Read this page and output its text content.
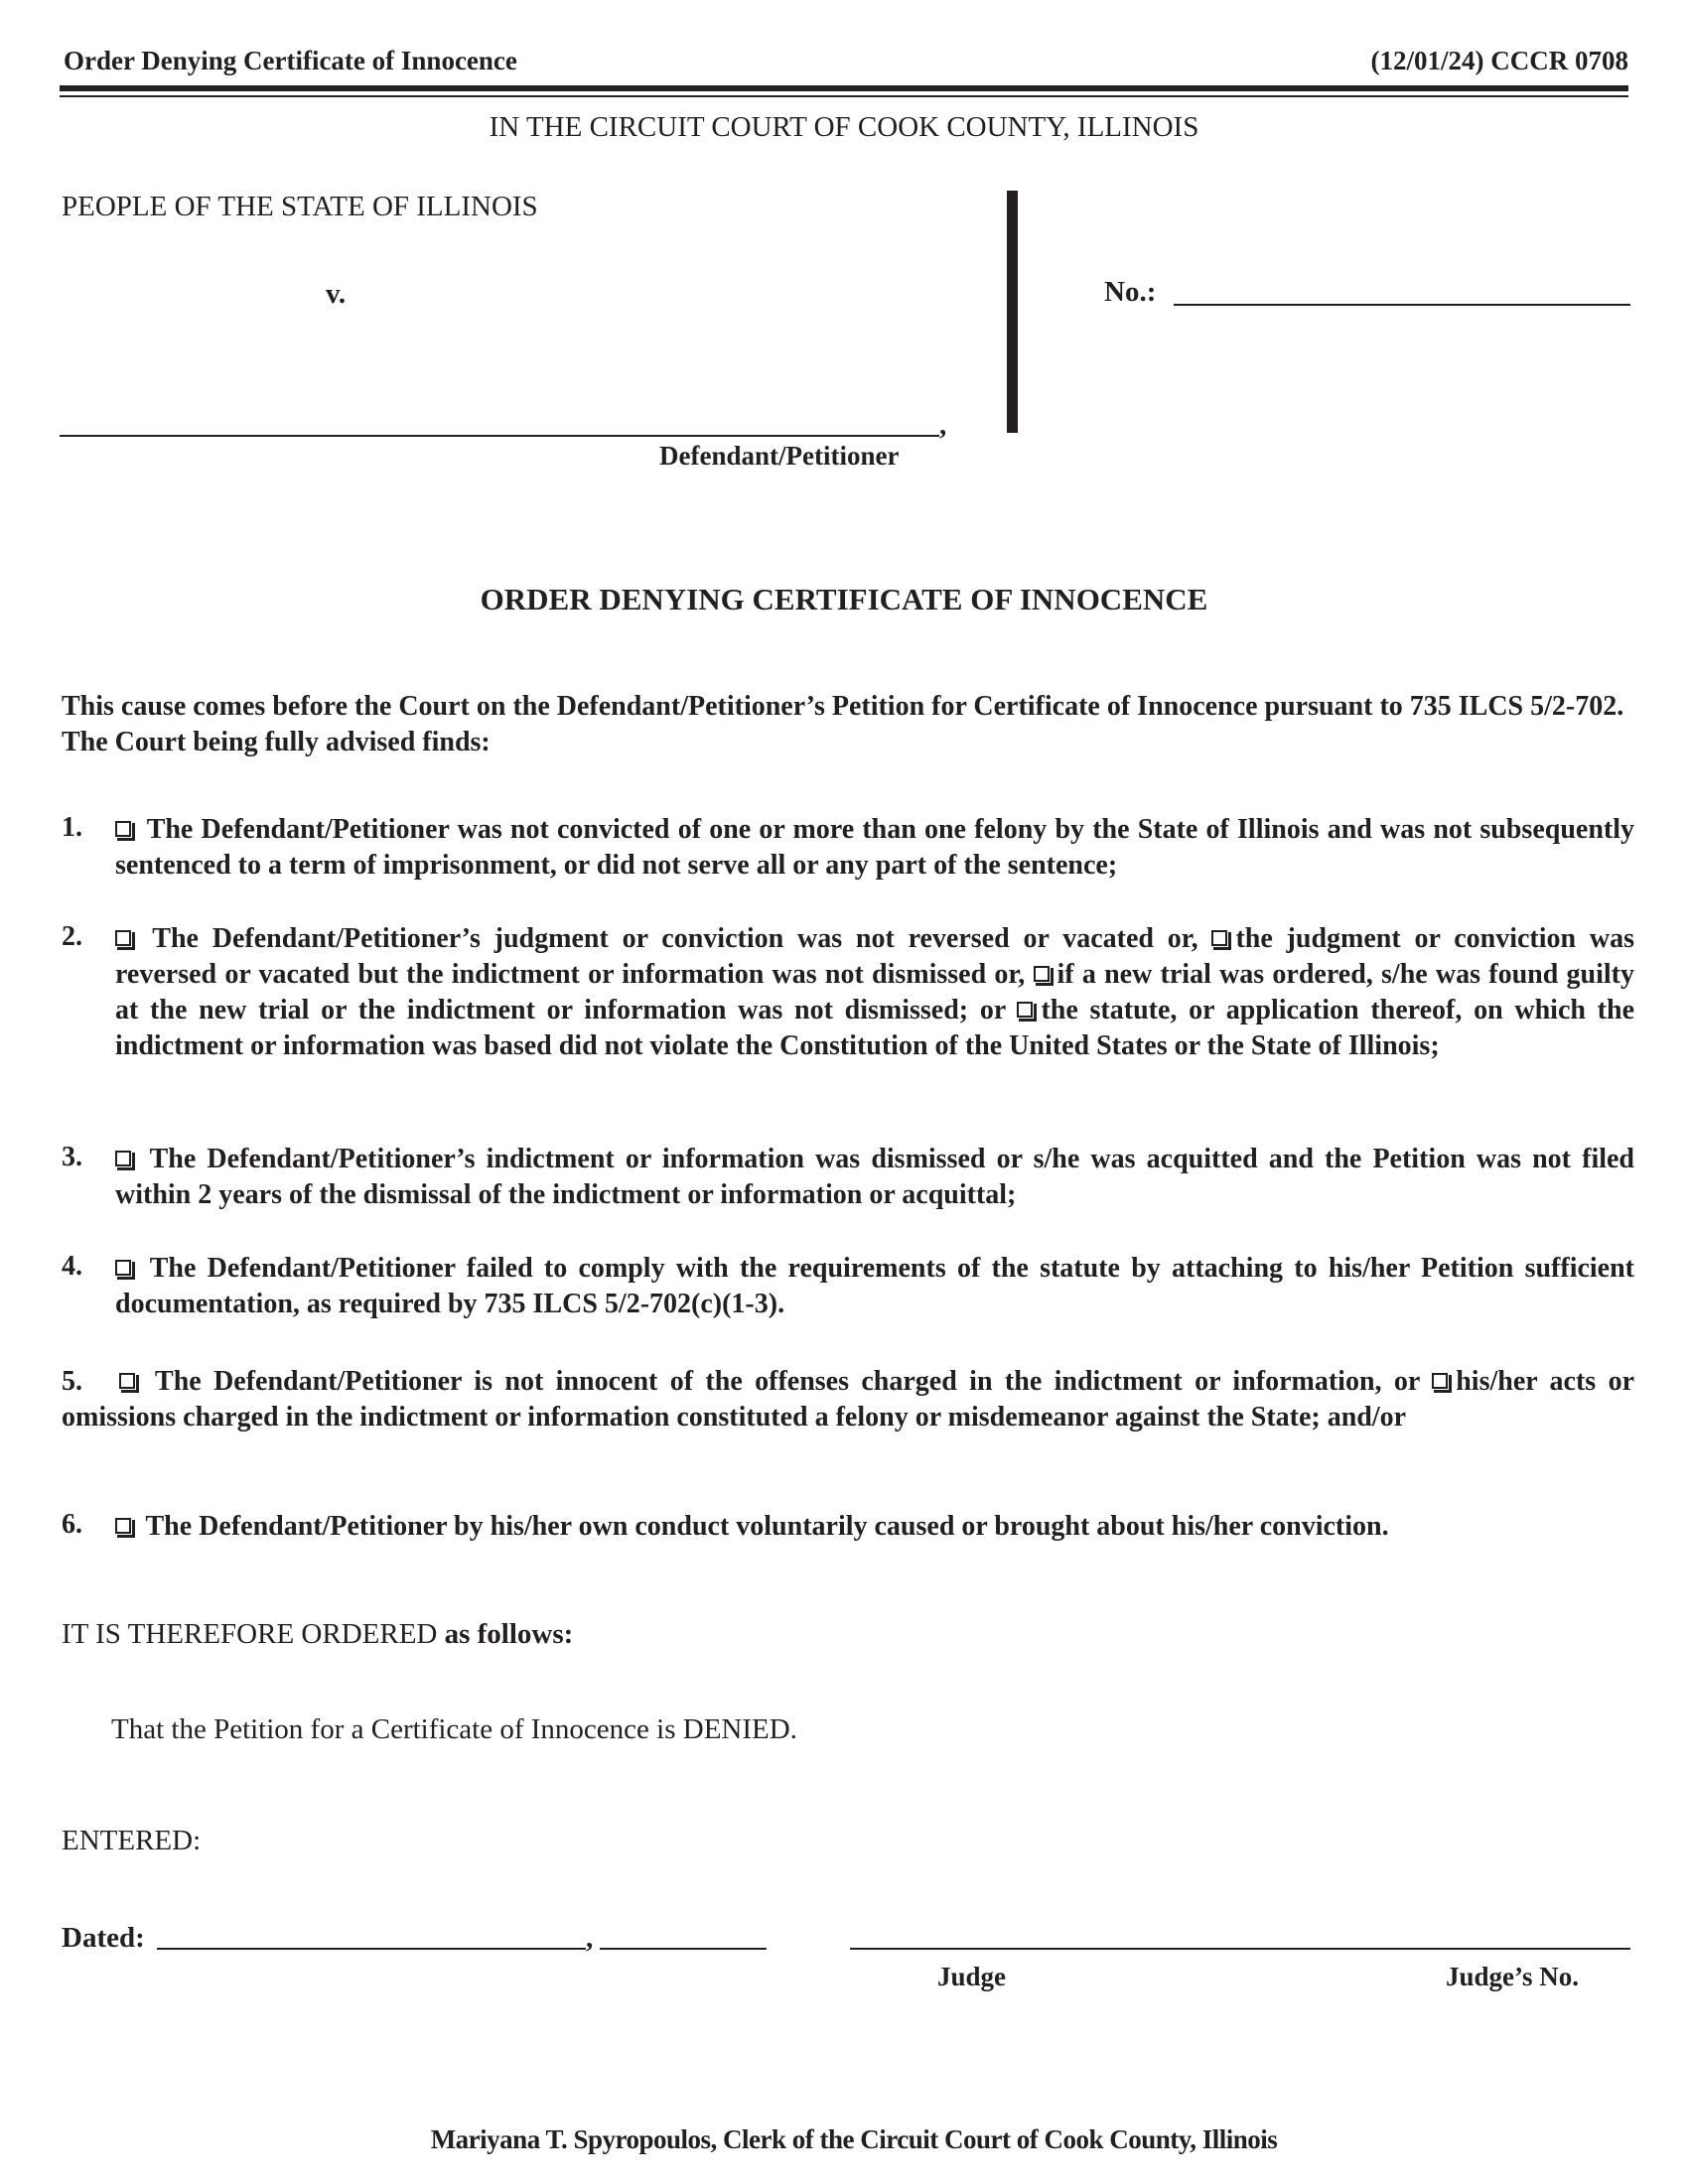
Order Denying Certificate of Innocence	(12/01/24) CCCR 0708
IN THE CIRCUIT COURT OF COOK COUNTY, ILLINOIS
PEOPLE OF THE STATE OF ILLINOIS
v.	No.:
,
Defendant/Petitioner
ORDER DENYING CERTIFICATE OF INNOCENCE
This cause comes before the Court on the Defendant/Petitioner’s Petition for Certificate of Innocence pursuant to 735 ILCS 5/2-702. The Court being fully advised finds:
1.	The Defendant/Petitioner was not convicted of one or more than one felony by the State of Illinois and was not subsequently sentenced to a term of imprisonment, or did not serve all or any part of the sentence;
2.	The Defendant/Petitioner’s judgment or conviction was not reversed or vacated or, the judgment or conviction was reversed or vacated but the indictment or information was not dismissed or, if a new trial was ordered, s/he was found guilty at the new trial or the indictment or information was not dismissed; or the statute, or application thereof, on which the indictment or information was based did not violate the Constitution of the United States or the State of Illinois;
3.	The Defendant/Petitioner’s indictment or information was dismissed or s/he was acquitted and the Petition was not filed within 2 years of the dismissal of the indictment or information or acquittal;
4.	The Defendant/Petitioner failed to comply with the requirements of the statute by attaching to his/her Petition sufficient documentation, as required by 735 ILCS 5/2-702(c)(1-3).
5.	The Defendant/Petitioner is not innocent of the offenses charged in the indictment or information, or his/her acts or omissions charged in the indictment or information constituted a felony or misdemeanor against the State; and/or
6.	The Defendant/Petitioner by his/her own conduct voluntarily caused or brought about his/her conviction.
IT IS THEREFORE ORDERED as follows:
That the Petition for a Certificate of Innocence is DENIED.
ENTERED:
Dated:	,
Judge	Judge’s No.
Mariyana T. Spyropoulos, Clerk of the Circuit Court of Cook County, Illinois
